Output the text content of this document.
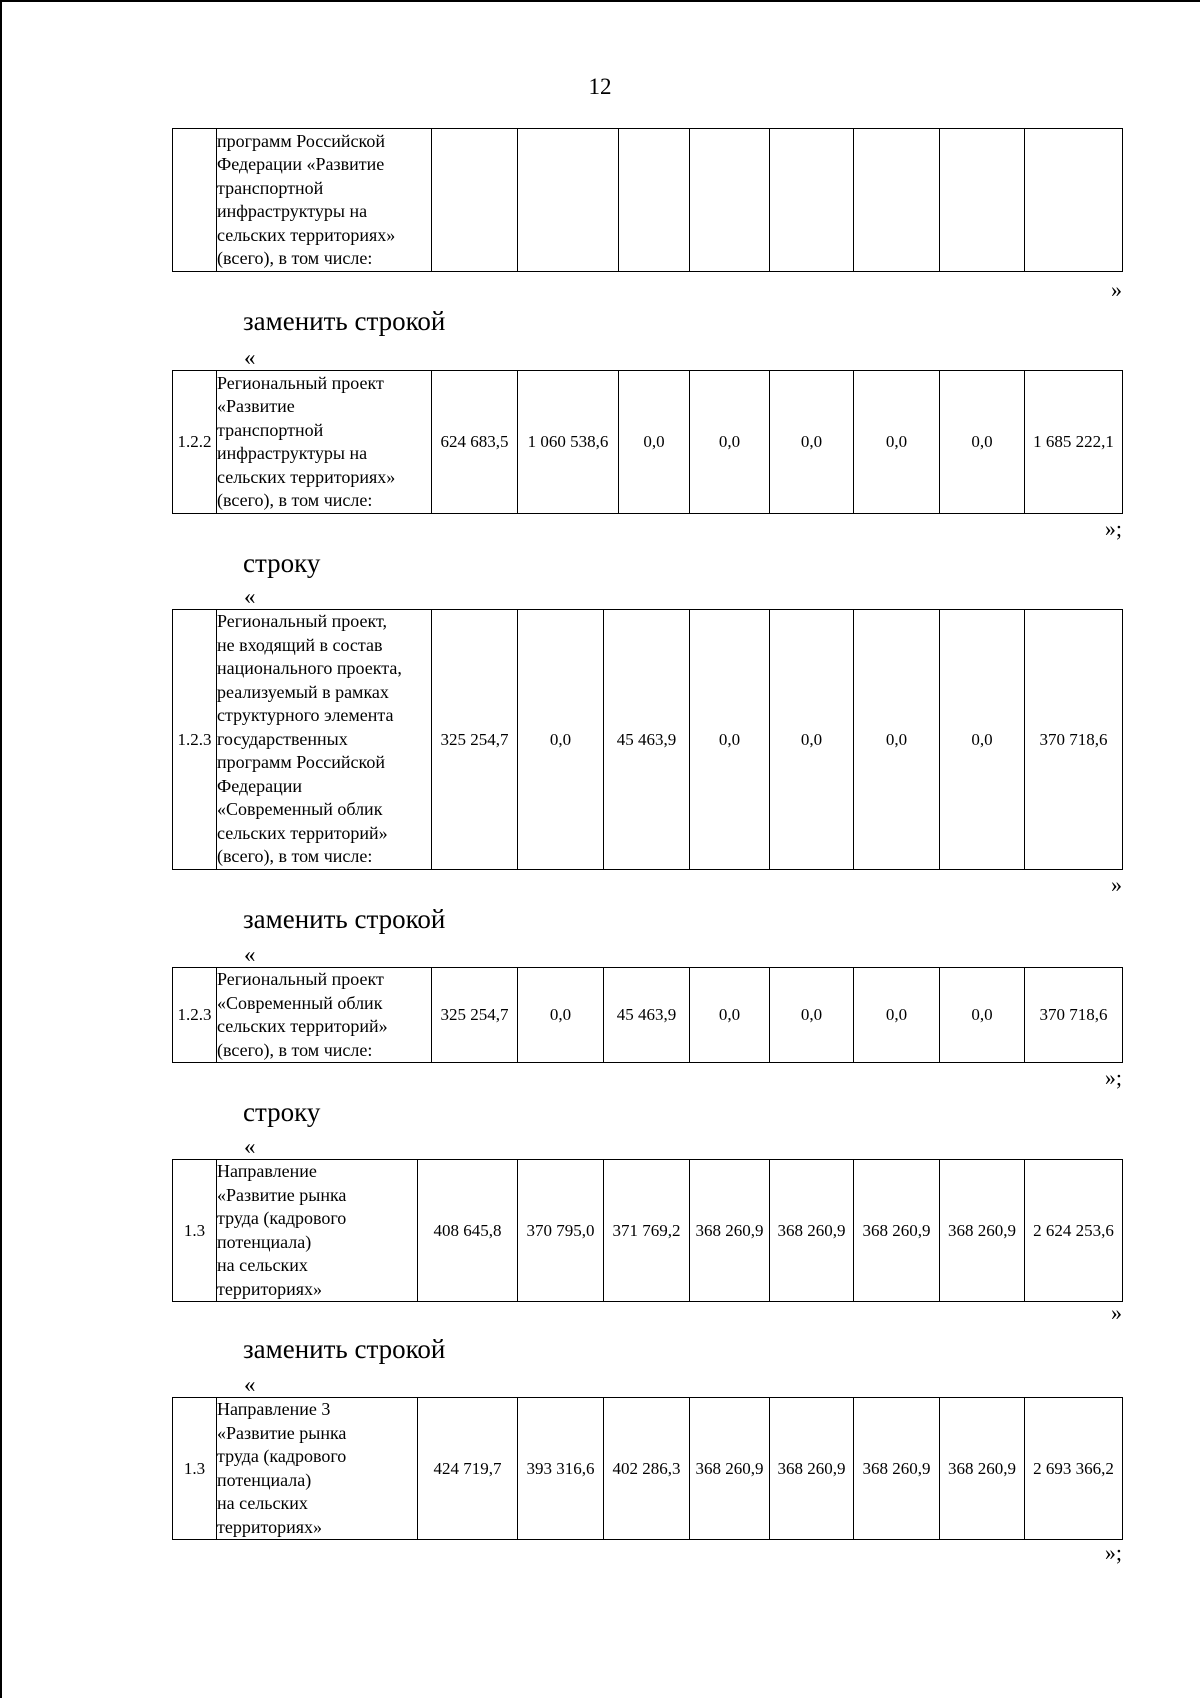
12

программ Российской
Федерации «Развитие
транспортной
инфраструктуры на
сельских территориях»
(всего), в том числе:

»
заменить строкой
«
1.2.2	
Региональный проект
«Развитие
транспортной
инфраструктуры на
сельских территориях»
(всего), в том числе:
	624 683,5	1 060 538,6	0,0	0,0	0,0	0,0	0,0	1 685 222,1
»;
строку
«
1.2.3	
Региональный проект,
не входящий в состав
национального проекта,
реализуемый в рамках
структурного элемента
государственных
программ Российской
Федерации
«Современный облик
сельских территорий»
(всего), в том числе:
	325 254,7	0,0	45 463,9	0,0	0,0	0,0	0,0	370 718,6
»
заменить строкой
«
1.2.3	
Региональный проект
«Современный облик
сельских территорий»
(всего), в том числе:
	325 254,7	0,0	45 463,9	0,0	0,0	0,0	0,0	370 718,6
»;
строку
«
1.3	
Направление
«Развитие рынка
труда (кадрового
потенциала)
на сельских
территориях»
	408 645,8	370 795,0	371 769,2	368 260,9	368 260,9	368 260,9	368 260,9	2 624 253,6
»
заменить строкой
«
1.3	
Направление 3
«Развитие рынка
труда (кадрового
потенциала)
на сельских
территориях»
	424 719,7	393 316,6	402 286,3	368 260,9	368 260,9	368 260,9	368 260,9	2 693 366,2
»;
